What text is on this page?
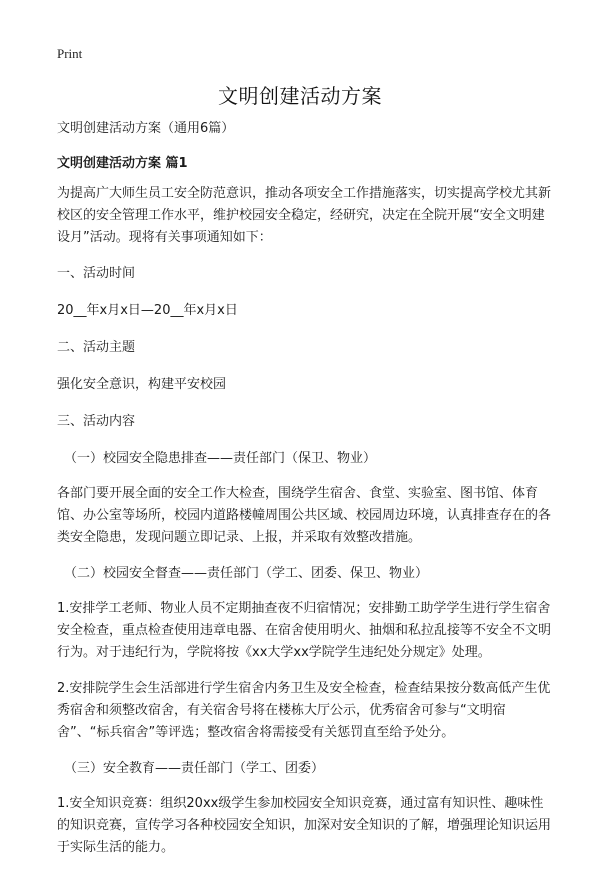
Print
文明创建活动方案

文明创建活动方案（通用6篇）

文明创建活动方案 篇1

为提高广大师生员工安全防范意识，推动各项安全工作措施落实，切实提高学校尤其新校区的安全管理工作水平，维护校园安全稳定，经研究，决定在全院开展“安全文明建设月”活动。现将有关事项通知如下：

一、活动时间

20__年x月x日—20__年x月x日

二、活动主题

强化安全意识，构建平安校园

三、活动内容

（一）校园安全隐患排查——责任部门（保卫、物业）

各部门要开展全面的安全工作大检查，围绕学生宿舍、食堂、实验室、图书馆、体育馆、办公室等场所，校园内道路楼幢周围公共区域、校园周边环境，认真排查存在的各类安全隐患，发现问题立即记录、上报，并采取有效整改措施。

（二）校园安全督查——责任部门（学工、团委、保卫、物业）

1.安排学工老师、物业人员不定期抽查夜不归宿情况；安排勤工助学学生进行学生宿舍安全检查，重点检查使用违章电器、在宿舍使用明火、抽烟和私拉乱接等不安全不文明行为。对于违纪行为，学院将按《xx大学xx学院学生违纪处分规定》处理。

2.安排院学生会生活部进行学生宿舍内务卫生及安全检查，检查结果按分数高低产生优秀宿舍和须整改宿舍，有关宿舍号将在楼栋大厅公示，优秀宿舍可参与“文明宿舍”、“标兵宿舍”等评选；整改宿舍将需接受有关惩罚直至给予处分。

（三）安全教育——责任部门（学工、团委）

1.安全知识竞赛：组织20xx级学生参加校园安全知识竞赛，通过富有知识性、趣味性的知识竞赛，宣传学习各种校园安全知识，加深对安全知识的了解，增强理论知识运用于实际生活的能力。
